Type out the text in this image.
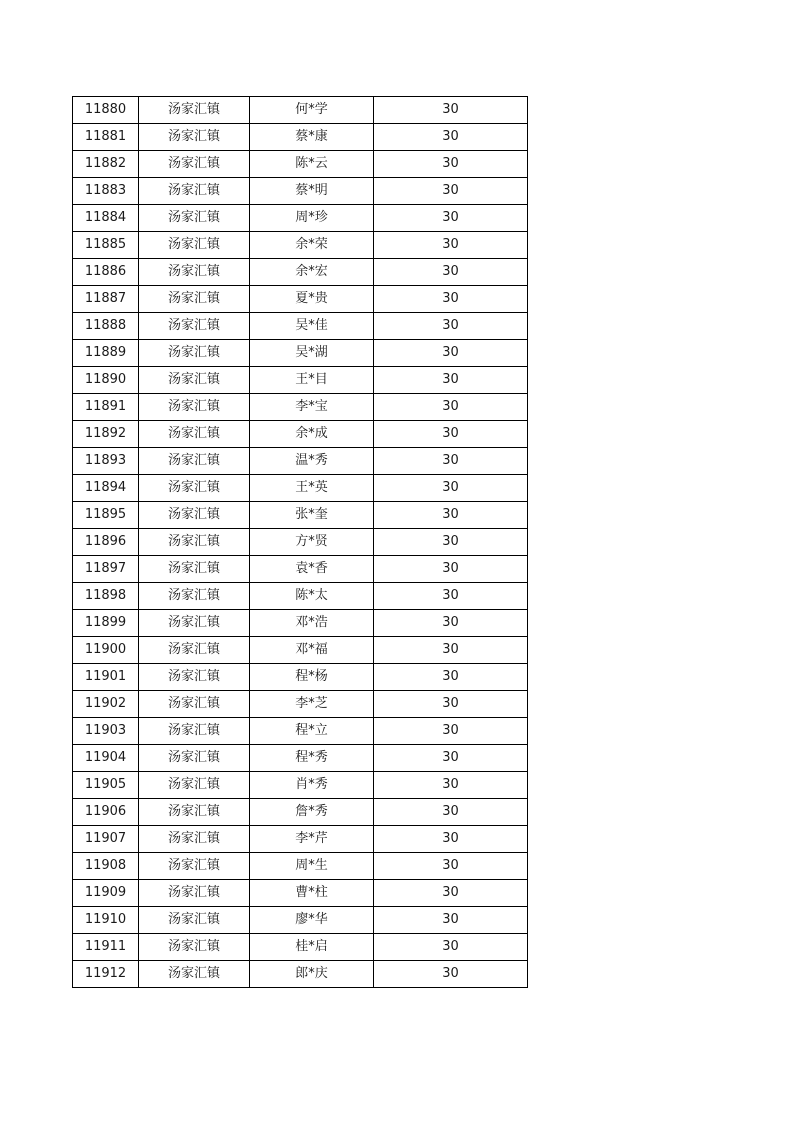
11880	汤家汇镇	何*学	30
11881	汤家汇镇	蔡*康	30
11882	汤家汇镇	陈*云	30
11883	汤家汇镇	蔡*明	30
11884	汤家汇镇	周*珍	30
11885	汤家汇镇	余*荣	30
11886	汤家汇镇	余*宏	30
11887	汤家汇镇	夏*贵	30
11888	汤家汇镇	吴*佳	30
11889	汤家汇镇	吴*湖	30
11890	汤家汇镇	王*目	30
11891	汤家汇镇	李*宝	30
11892	汤家汇镇	余*成	30
11893	汤家汇镇	温*秀	30
11894	汤家汇镇	王*英	30
11895	汤家汇镇	张*奎	30
11896	汤家汇镇	方*贤	30
11897	汤家汇镇	袁*香	30
11898	汤家汇镇	陈*太	30
11899	汤家汇镇	邓*浩	30
11900	汤家汇镇	邓*福	30
11901	汤家汇镇	程*杨	30
11902	汤家汇镇	李*芝	30
11903	汤家汇镇	程*立	30
11904	汤家汇镇	程*秀	30
11905	汤家汇镇	肖*秀	30
11906	汤家汇镇	詹*秀	30
11907	汤家汇镇	李*芹	30
11908	汤家汇镇	周*生	30
11909	汤家汇镇	曹*柱	30
11910	汤家汇镇	廖*华	30
11911	汤家汇镇	桂*启	30
11912	汤家汇镇	郎*庆	30
